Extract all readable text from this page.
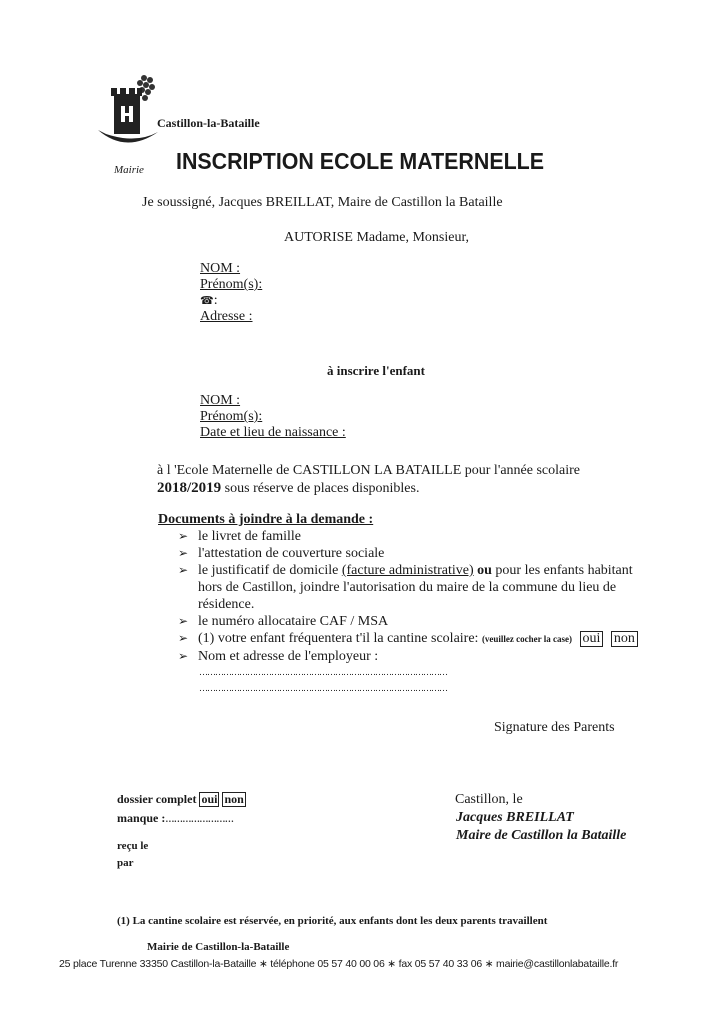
Castillon-la-Bataille
Mairie INSCRIPTION ECOLE MATERNELLE
Je soussigné, Jacques BREILLAT, Maire de Castillon la Bataille
AUTORISE Madame, Monsieur,
NOM :
Prénom(s):
☎:
Adresse :
à inscrire l'enfant
NOM :
Prénom(s):
Date et lieu de naissance :
à l 'Ecole Maternelle de CASTILLON LA BATAILLE pour l'année scolaire
2018/2019 sous réserve de places disponibles.
Documents à joindre à la demande :
➢ le livret de famille
➢ l'attestation de couverture sociale
➢ le justificatif de domicile (facture administrative) ou pour les enfants habitant
hors de Castillon, joindre l'autorisation du maire de la commune du lieu de
résidence.
➢ le numéro allocataire CAF / MSA
➢ (1) votre enfant fréquentera t'il la cantine scolaire: (veuillez cocher la case) oui non
➢ Nom et adresse de l'employeur :
…………………………………………………………………………………
…………………………………………………………………………………
Signature des Parents
dossier complet oui non
manque :……………………
reçu le
par
Castillon, le
Jacques BREILLAT
Maire de Castillon la Bataille
(1) La cantine scolaire est réservée, en priorité, aux enfants dont les deux parents travaillent
Mairie de Castillon-la-Bataille
25 place Turenne 33350 Castillon-la-Bataille ∗ téléphone 05 57 40 00 06 ∗ fax 05 57 40 33 06 ∗ mairie@castillonlabataille.fr
